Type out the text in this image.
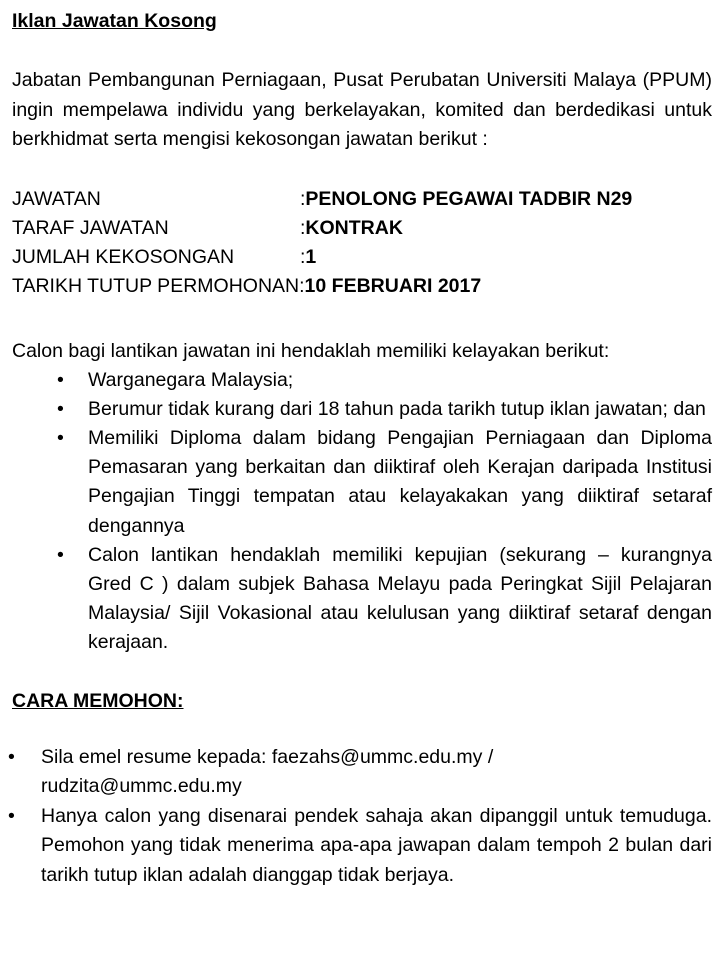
Iklan Jawatan Kosong
Jabatan Pembangunan Perniagaan, Pusat Perubatan Universiti Malaya (PPUM) ingin mempelawa individu yang berkelayakan, komited dan berdedikasi untuk berkhidmat serta mengisi kekosongan jawatan berikut :
JAWATAN	: PENOLONG PEGAWAI TADBIR N29
TARAF JAWATAN	: KONTRAK
JUMLAH KEKOSONGAN	: 1
TARIKH TUTUP PERMOHONAN : 10 FEBRUARI 2017
Calon bagi lantikan jawatan ini hendaklah memiliki kelayakan berikut:
• Warganegara Malaysia;
• Berumur tidak kurang dari 18 tahun pada tarikh tutup iklan jawatan; dan
• Memiliki Diploma dalam bidang Pengajian Perniagaan dan Diploma Pemasaran yang berkaitan dan diiktiraf oleh Kerajan daripada Institusi Pengajian Tinggi tempatan atau kelayakakan yang diiktiraf setaraf dengannya
• Calon lantikan hendaklah memiliki kepujian (sekurang – kurangnya Gred C ) dalam subjek Bahasa Melayu pada Peringkat Sijil Pelajaran Malaysia/ Sijil Vokasional atau kelulusan yang diiktiraf setaraf dengan kerajaan.
CARA MEMOHON:
• Sila emel resume kepada: faezahs@ummc.edu.my /
rudzita@ummc.edu.my
• Hanya calon yang disenarai pendek sahaja akan dipanggil untuk temuduga. Pemohon yang tidak menerima apa-apa jawapan dalam tempoh 2 bulan dari tarikh tutup iklan adalah dianggap tidak berjaya.
